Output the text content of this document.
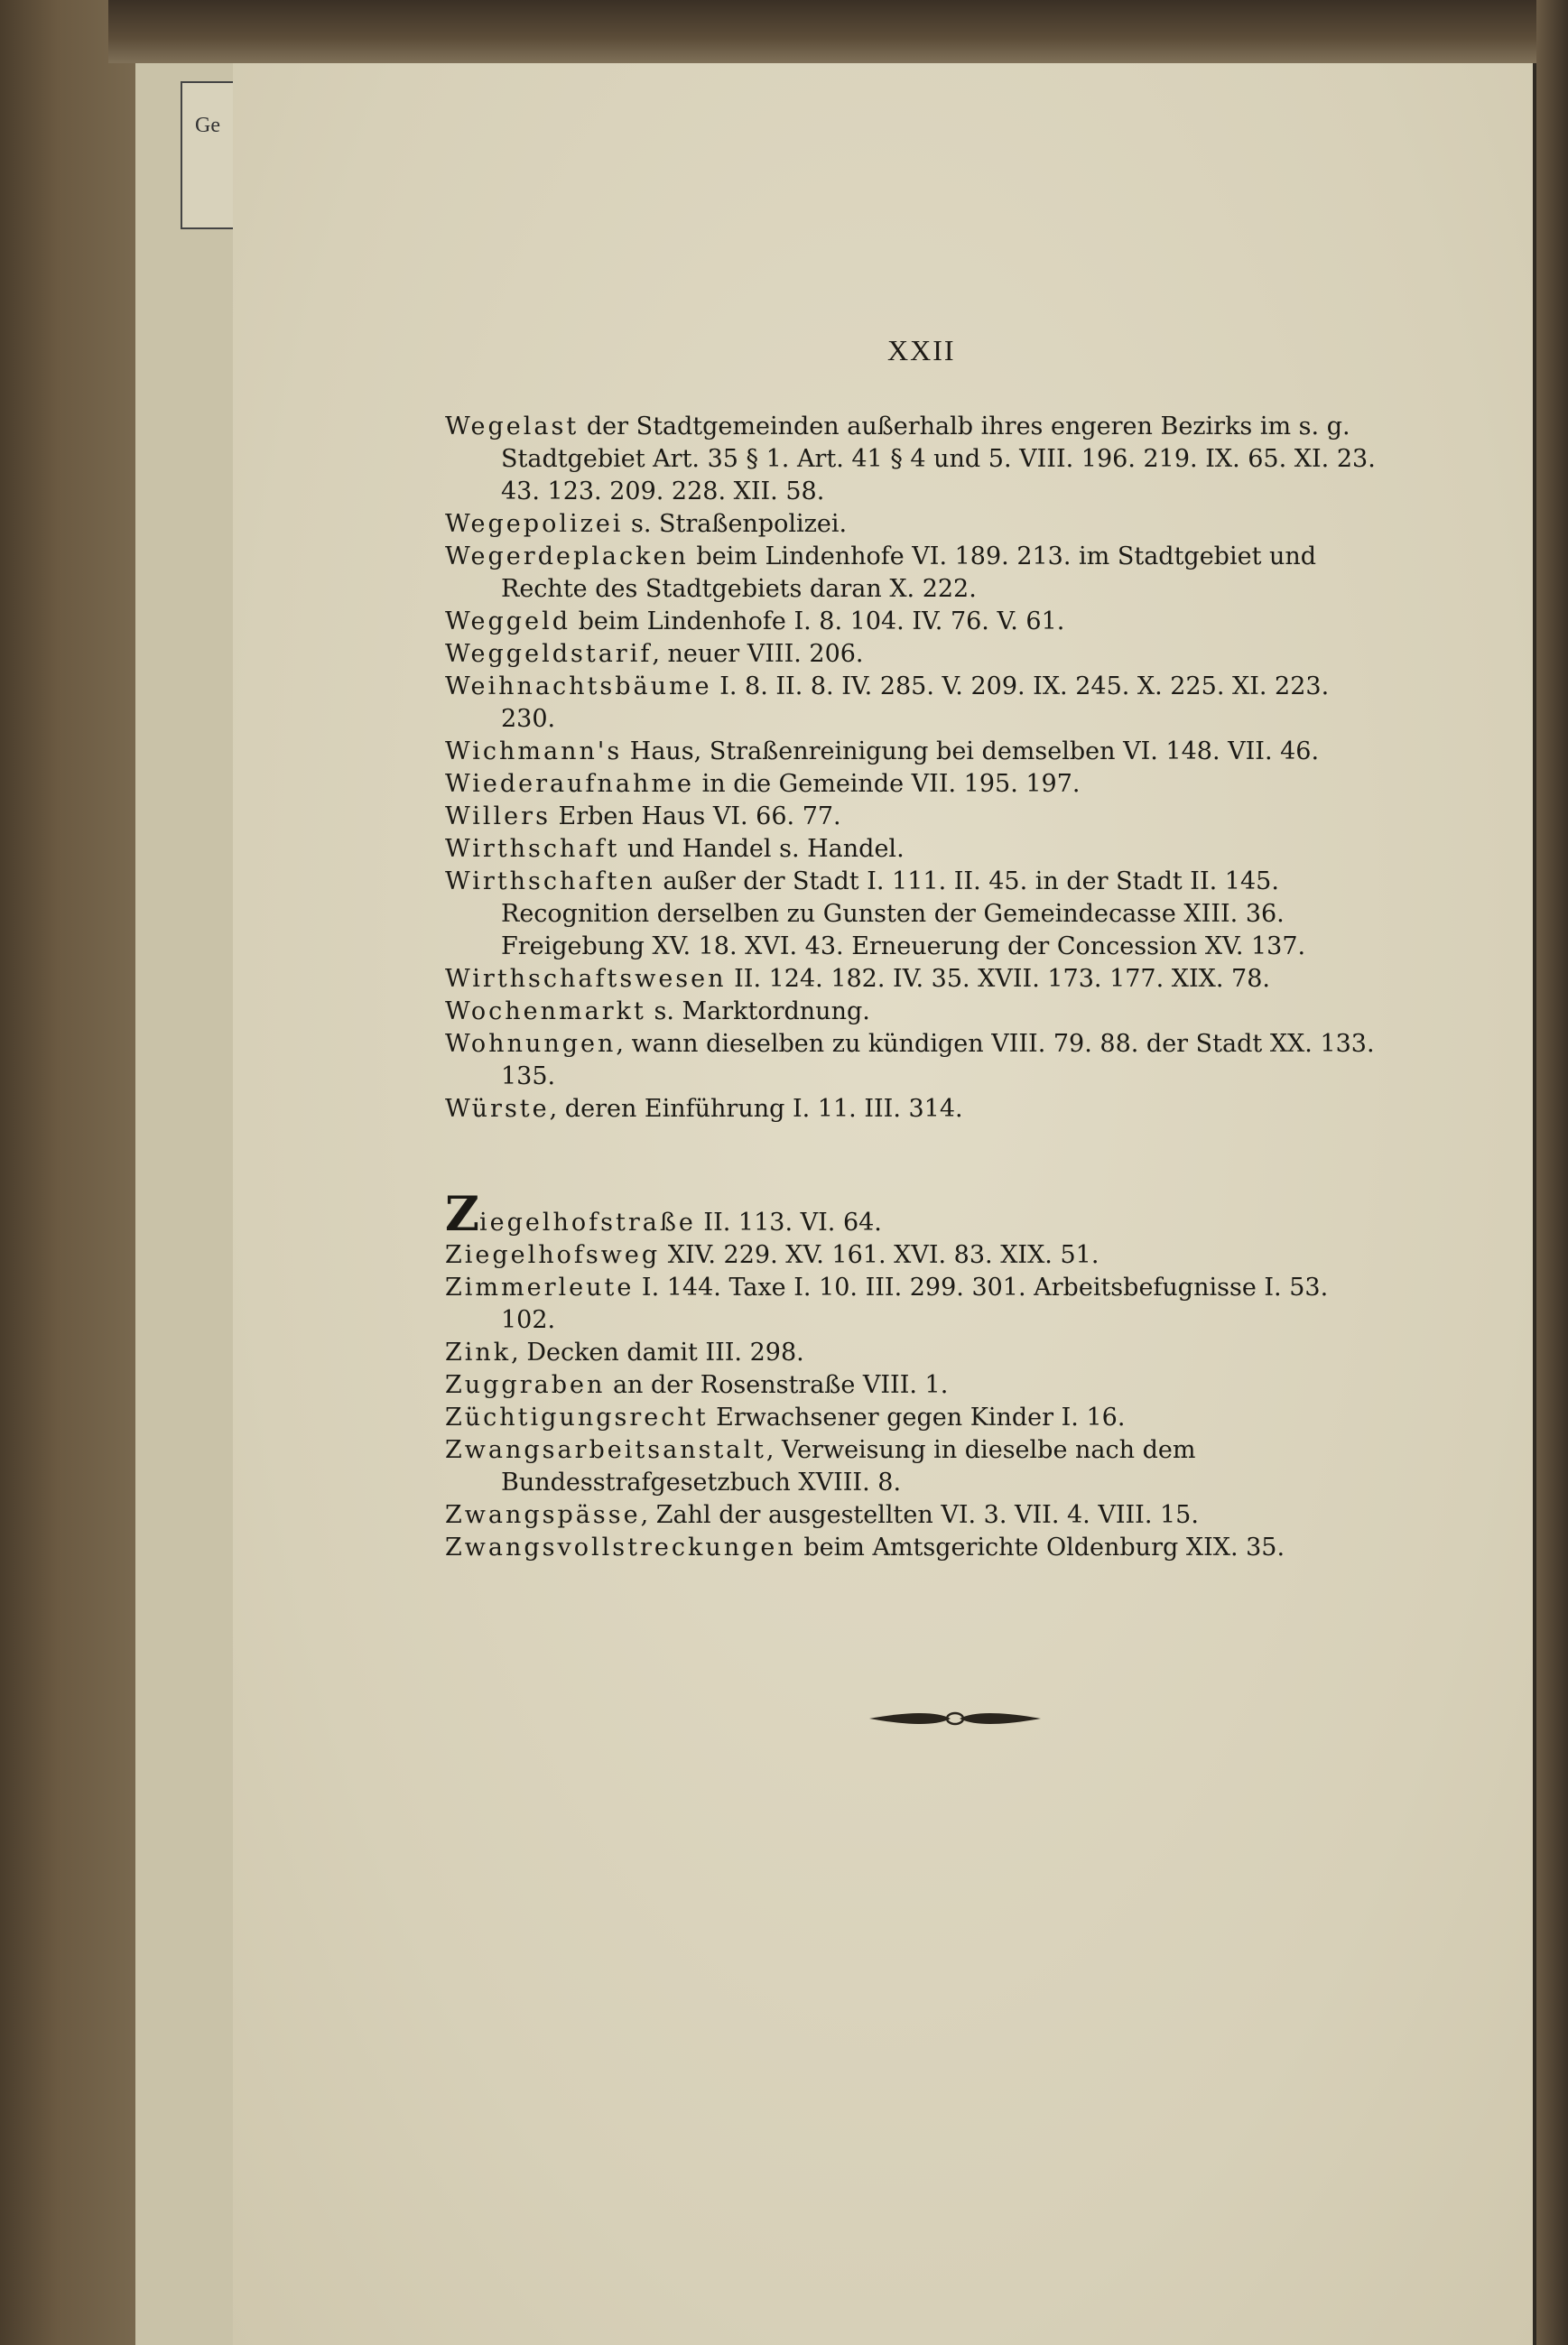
Ge
XXII

Wegelast der Stadtgemeinden außerhalb ihres engeren Bezirks im s. g. Stadtgebiet Art. 35 § 1. Art. 41 § 4 und 5. VIII. 196. 219. IX. 65. XI. 23. 43. 123. 209. 228. XII. 58.

Wegepolizei s. Straßenpolizei.

Wegerdeplacken beim Lindenhofe VI. 189. 213. im Stadtgebiet und Rechte des Stadtgebiets daran X. 222.

Weggeld beim Lindenhofe I. 8. 104. IV. 76. V. 61.

Weggeldstarif, neuer VIII. 206.

Weihnachtsbäume I. 8. II. 8. IV. 285. V. 209. IX. 245. X. 225. XI. 223. 230.

Wichmann's Haus, Straßenreinigung bei demselben VI. 148. VII. 46.

Wiederaufnahme in die Gemeinde VII. 195. 197.

Willers Erben Haus VI. 66. 77.

Wirthschaft und Handel s. Handel.

Wirthschaften außer der Stadt I. 111. II. 45. in der Stadt II. 145. Recognition derselben zu Gunsten der Gemeindecasse XIII. 36. Freigebung XV. 18. XVI. 43. Erneuerung der Concession XV. 137.

Wirthschaftswesen II. 124. 182. IV. 35. XVII. 173. 177. XIX. 78.

Wochenmarkt s. Marktordnung.

Wohnungen, wann dieselben zu kündigen VIII. 79. 88. der Stadt XX. 133. 135.

Würste, deren Einführung I. 11. III. 314.

Ziegelhofstraße II. 113. VI. 64.

Ziegelhofsweg XIV. 229. XV. 161. XVI. 83. XIX. 51.

Zimmerleute I. 144. Taxe I. 10. III. 299. 301. Arbeitsbefugnisse I. 53. 102.

Zink, Decken damit III. 298.

Zuggraben an der Rosenstraße VIII. 1.

Züchtigungsrecht Erwachsener gegen Kinder I. 16.

Zwangsarbeitsanstalt, Verweisung in dieselbe nach dem Bundesstrafgesetzbuch XVIII. 8.

Zwangspässe, Zahl der ausgestellten VI. 3. VII. 4. VIII. 15.

Zwangsvollstreckungen beim Amtsgerichte Oldenburg XIX. 35.
